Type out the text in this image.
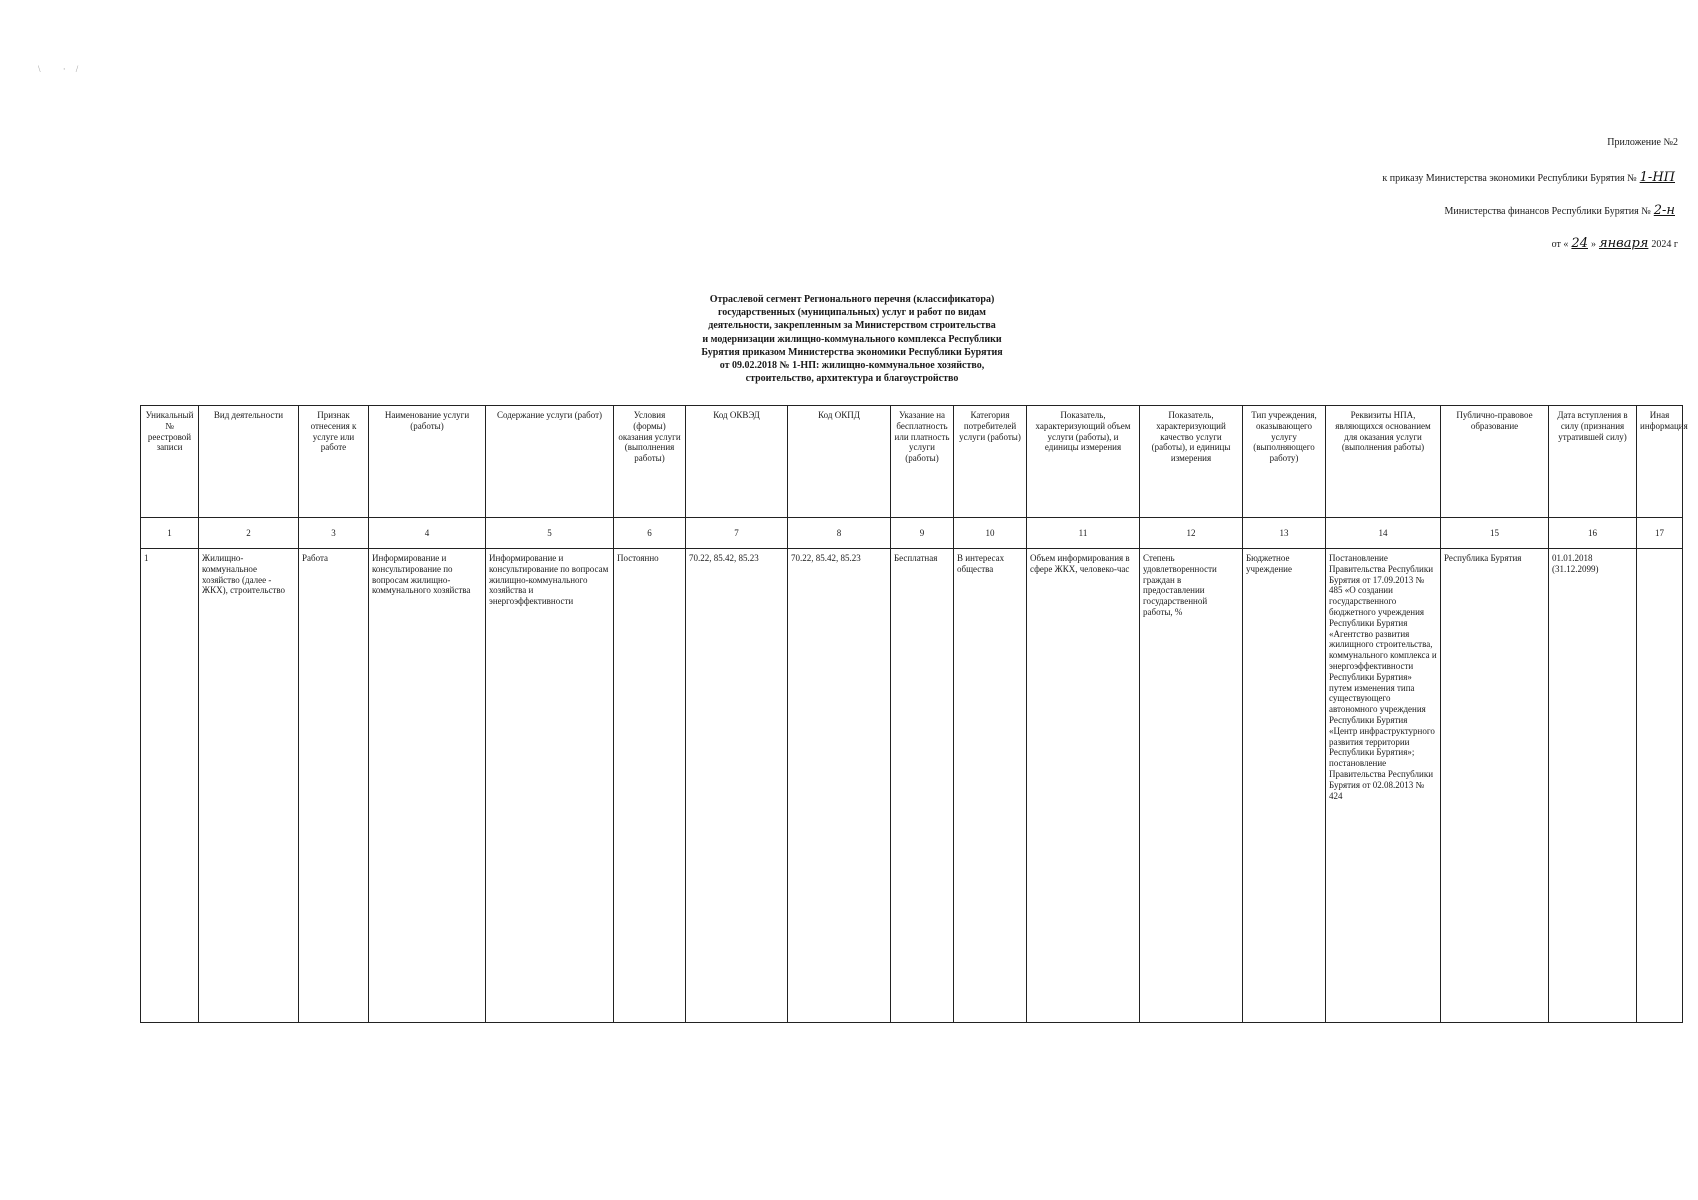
\ ·/
Приложение №2
к приказу Министерства экономики Республики Бурятия № 1-НП
Министерства финансов Республики Бурятия № 2-н
от « 24 » января 2024 г
Отраслевой сегмент Регионального перечня (классификатора)
государственных (муниципальных) услуг и работ по видам
деятельности, закрепленным за Министерством строительства
и модернизации жилищно-коммунального комплекса Республики
Бурятия приказом Министерства экономики Республики Бурятия
от 09.02.2018 № 1-НП: жилищно-коммунальное хозяйство,
строительство, архитектура и благоустройство
Уникальный № реестровой записи	Вид деятельности	Признак отнесения к услуге или работе	Наименование услуги (работы)	Содержание услуги (работ)	Условия (формы) оказания услуги (выполнения работы)	Код ОКВЭД	Код ОКПД	Указание на бесплатность или платность услуги (работы)	Категория потребителей услуги (работы)	Показатель, характеризующий объем услуги (работы), и единицы измерения	Показатель, характеризующий качество услуги (работы), и единицы измерения	Тип учреждения, оказывающего услугу (выполняющего работу)	Реквизиты НПА, являющихся основанием для оказания услуги (выполнения работы)	Публично-правовое образование	Дата вступления в силу (признания утратившей силу)	Иная информация
1	2	3	4	5	6	7	8	9	10	11	12	13	14	15	16	17
1	Жилищно-коммунальное хозяйство (далее - ЖКХ), строительство	Работа	Информирование и консультирование по вопросам жилищно-коммунального хозяйства	Информирование и консультирование по вопросам жилищно-коммунального хозяйства и энергоэффективности	Постоянно	70.22, 85.42, 85.23	70.22, 85.42, 85.23	Бесплатная	В интересах общества	Объем информирования в сфере ЖКХ, человеко-час	Степень удовлетворенности граждан в предоставлении государственной работы, %	Бюджетное учреждение	Постановление Правительства Республики Бурятия от 17.09.2013 № 485 «О создании государственного бюджетного учреждения Республики Бурятия «Агентство развития жилищного строительства, коммунального комплекса и энергоэффективности Республики Бурятия» путем изменения типа существующего автономного учреждения Республики Бурятия «Центр инфраструктурного развития территории Республики Бурятия»; постановление Правительства Республики Бурятия от 02.08.2013 № 424	Республика Бурятия	01.01.2018 (31.12.2099)	
